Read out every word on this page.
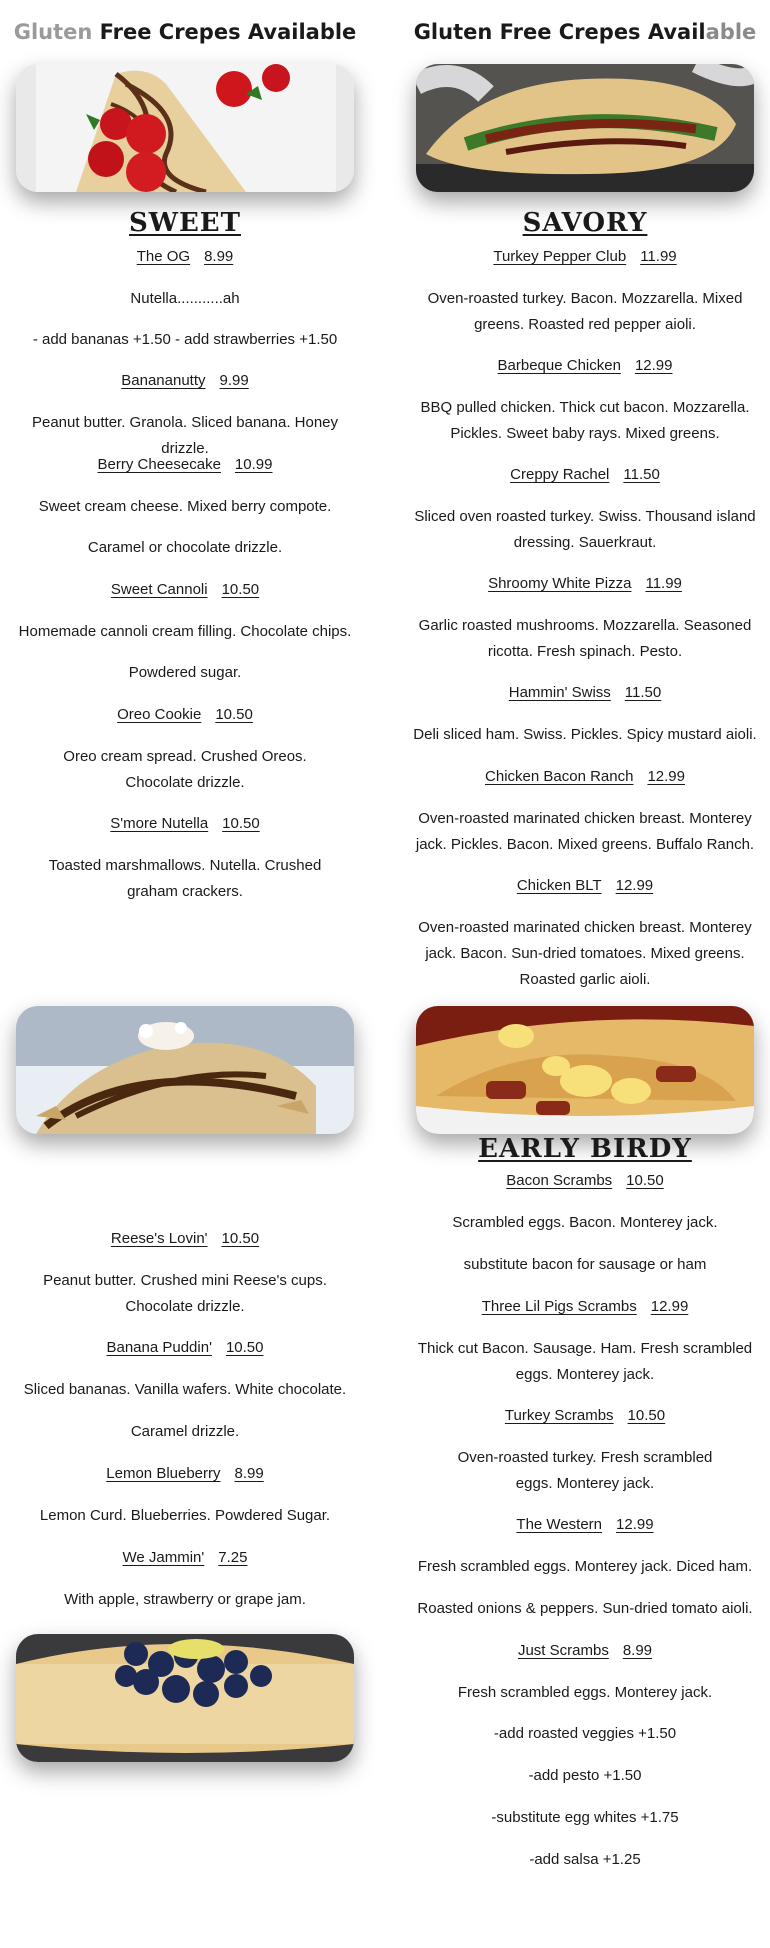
Gluten Free Crepes Available
SWEET
The OG 8.99
Nutella...........ah
- add bananas +1.50 - add strawberries +1.50
Banananutty 9.99
Peanut butter. Granola. Sliced banana. Honey drizzle.
Berry Cheesecake 10.99
Sweet cream cheese. Mixed berry compote.
Caramel or chocolate drizzle.
Sweet Cannoli 10.50
Homemade cannoli cream filling. Chocolate chips.
Powdered sugar.
Oreo Cookie 10.50
Oreo cream spread. Crushed Oreos. Chocolate drizzle.
S'more Nutella 10.50
Toasted marshmallows. Nutella. Crushed graham crackers.
Reese's Lovin' 10.50
Peanut butter. Crushed mini Reese's cups. Chocolate drizzle.
Banana Puddin' 10.50
Sliced bananas. Vanilla wafers. White chocolate.
Caramel drizzle.
Lemon Blueberry 8.99
Lemon Curd. Blueberries. Powdered Sugar.
We Jammin' 7.25
With apple, strawberry or grape jam.
Gluten Free Crepes Available
SAVORY
Turkey Pepper Club 11.99
Oven-roasted turkey. Bacon. Mozzarella. Mixed greens. Roasted red pepper aioli.
Barbeque Chicken 12.99
BBQ pulled chicken. Thick cut bacon. Mozzarella. Pickles. Sweet baby rays. Mixed greens.
Creppy Rachel 11.50
Sliced oven roasted turkey. Swiss. Thousand island dressing. Sauerkraut.
Shroomy White Pizza 11.99
Garlic roasted mushrooms. Mozzarella. Seasoned ricotta. Fresh spinach. Pesto.
Hammin' Swiss 11.50
Deli sliced ham. Swiss. Pickles. Spicy mustard aioli.
Chicken Bacon Ranch 12.99
Oven-roasted marinated chicken breast. Monterey jack. Pickles. Bacon. Mixed greens. Buffalo Ranch.
Chicken BLT 12.99
Oven-roasted marinated chicken breast. Monterey jack. Bacon. Sun-dried tomatoes. Mixed greens. Roasted garlic aioli.
EARLY BIRDY
Bacon Scrambs 10.50
Scrambled eggs. Bacon. Monterey jack.
substitute bacon for sausage or ham
Three Lil Pigs Scrambs 12.99
Thick cut Bacon. Sausage. Ham. Fresh scrambled eggs. Monterey jack.
Turkey Scrambs 10.50
Oven-roasted turkey. Fresh scrambled eggs. Monterey jack.
The Western 12.99
Fresh scrambled eggs. Monterey jack. Diced ham.
Roasted onions & peppers. Sun-dried tomato aioli.
Just Scrambs 8.99
Fresh scrambled eggs. Monterey jack.
-add roasted veggies +1.50
-add pesto +1.50
-substitute egg whites +1.75
-add salsa +1.25
